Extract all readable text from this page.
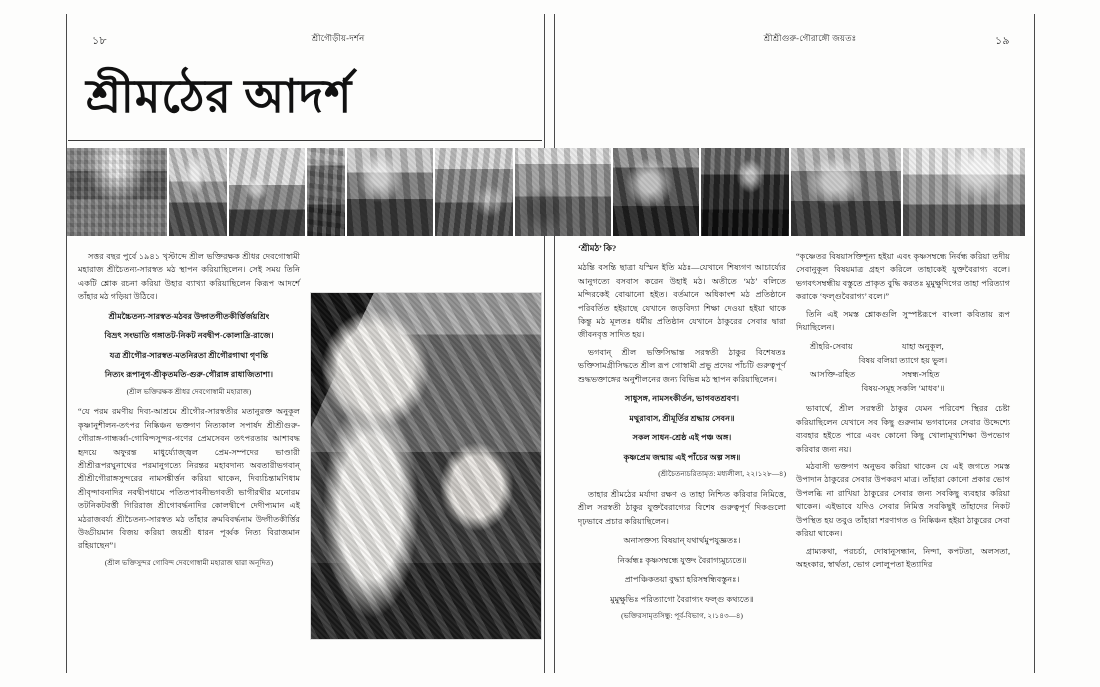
১৮	শ্রীগৌড়ীয়-দর্শন
শ্রীমঠের আদর্শ

সত্তর বছর পুর্বে ১৯৪১ খৃস্টাব্দে শ্রীল ভক্তিরক্ষক শ্রীধর দেবগোস্বামী মহারাজ শ্রীচৈতন্য-সারস্বত মঠ স্থাপন করিয়াছিলেন। সেই সময় তিনি একটি শ্লোক রচনা করিয়া উহার ব্যাখ্যা করিয়াছিলেন কিরূপ আদর্শে তাঁহার মঠ গড়িয়া উঠিবে।

শ্রীমচ্চৈতন্য-সারস্বত-মঠবর উদ্গতগীতকীর্ত্তির্জয়শ্রিং

বিভ্রৎ সংভাতি গঙ্গাতট-নিকট নবদ্বীপ-কোলাদ্রি-রাজে।

যত্র শ্রীগৌর-সারস্বত-মতনিরতা শ্রীগৌরগাথা গৃণন্তি

নিত্যং রূপানুগ-শ্রীকৃতমতি-গুরু-গৌরাঙ্গ রাধাজিতাশা।

(শ্রীল ভক্তিরক্ষক শ্রীধর দেবগোস্বামী মহারাজ)

“যে পরম রমণীয় দিব্য-আশ্রমে শ্রীগৌর-সারস্বতীর মতানুরক্ত অনুকূল কৃষ্ণানুশীলন-তৎপর নিষ্কিঞ্চন ভক্তগণ নিত্যকাল সপার্ষদ শ্রীশ্রীগুরু-গৌরাঙ্গ-গান্ধর্ব্বা-গোবিন্দসুন্দর-গণের প্রেমসেবন তৎপরতায় আশাবদ্ধ হৃদয়ে অফুরন্ত মাধুর্য্যোজ্জ্বল প্রেম-সম্পদের ভাণ্ডারী শ্রীশ্রীরূপরঘুনাথের পরমানুগত্যে নিরন্তর মহাবদান্য অবতারীভগবান্ শ্রীশ্রীগৌরাঙ্গসুন্দরের নামসঙ্কীর্ত্তন করিয়া থাকেন, দিব্যচিন্তামণিধাম শ্রীবৃন্দাবনাদির নবদ্বীপধামে পতিতপাবনীভগবতী ভাগীরথীর মনোরম তটনিকটবর্ত্তী গিরিরাজ শ্রীগোবর্দ্ধনাদির কোলদ্বীপে দেদীপ্যমান এই মঠরাজবর্য্য শ্রীচৈতন্য-সারস্বত মঠ তাঁহার ক্রমবিবর্দ্ধনাম উদ্গীতকীর্ত্তির উড্ডীয়মান বিজয় করিয়া জয়শ্রী ধারন পূর্ব্বক নিত্য বিরাজমান রহিয়াছেন”।

(শ্রীল ভক্তিসুন্দর গোবিন্দ দেবগোস্বামী মহারাজ দ্বারা অনূদিত)

শ্রীশ্রীগুরু-গৌরাঙ্গৌ জয়তঃ	১৯

‘শ্রীমঠ’ কি?

মঠন্তি বসন্তি ছাত্রা যস্মিন ইতি মঠঃ—যেখানে শিষ্যগণ আচার্য্যের আনুগত্যে বসবাস করেন উহাই মঠ। অতীতে ‘মঠ’ বলিতে মন্দিরকেই বোঝানো হইত। বর্তমানে অধিকাংশ মঠ প্রতিষ্ঠানে পরিবর্তিত হইয়াছে যেখানে জড়বিদ্যা শিক্ষা দেওয়া হইয়া থাকে কিন্তু মঠ মূলতঃ ধর্মীয় প্রতিষ্ঠান যেখানে ঠাকুরের সেবার দ্বারা জীবনবৃত্ত সাদিত হয়।

ভগবান্ শ্রীল ভক্তিসিদ্ধান্ত সরস্বতী ঠাকুর বিশেষতঃ ভক্তিসামগ্রীসিদ্ধতে শ্রীল রূপ গোস্বামী প্রভু প্রদেয় পাঁচটি গুরুত্বপূর্ণ শুদ্ধভক্তাঙ্গের অনুশীলনের জন্য বিভিন্ন মঠ স্থাপন করিয়াছিলেন।

সাধুসঙ্গ, নামসংকীর্তন, ভাগবতশ্রবণ।

মথুরাবাস, শ্রীমূর্তির শ্রদ্ধায় সেবন॥

সকল সাধন-শ্রেষ্ঠ এই পঞ্চ অঙ্গ।

কৃষ্ণপ্রেম জন্মায় এই পাঁচের অল্প সঙ্গ॥

(শ্রীচৈতন্যচরিতামৃত: মধ্যলীলা, ২২।১২৮—৪)

তাহার শ্রীমঠের মর্যাদা রক্ষণ ও তাহা নিশ্চিত করিবার নিমিত্তে, শ্রীল সরস্বতী ঠাকুর যুক্তবৈরাগ্যের বিশেষ গুরুত্বপূর্ণ দিকগুলো দৃঢ়ভাবে প্রচার করিয়াছিলেন।

অনাসক্তস্য বিষয়ান্ যথার্থমুপযুজ্ঞতঃ।

নির্ব্বন্ধঃ কৃষ্ণসম্বন্ধে যুক্তং বৈরাগ্যমুচ্যতে॥

প্রাপঞ্চিকতয়া বুদ্ধ্যা হরিসম্বন্ধিবস্তুনঃ।

মুমুক্ষুভিঃ পরিত্যাগো বৈরাগ্যং ফল্গু কথ্যতে॥

(ভক্তিরসামৃতসিন্ধু: পূর্ব-বিভাগ, ২।১৪৩—৪)

“কৃষ্ণেতর বিষয়াসক্তিশূন্য হইয়া এবং কৃষ্ণসম্বন্ধে নির্বন্ধ করিয়া তদীয় সেবানুকূল বিষয়মাত্র গ্রহণ করিলে তাহাকেই যুক্তবৈরাগ্য বলে। ভগবৎসম্বন্ধীয় বস্তুতে প্রাকৃত বুদ্ধি করতঃ মুমুক্ষুদিগের তাহা পরিত্যাগ করাকে ‘ফল্গুবৈরাগ্য’ বলে।”

তিনি এই সমস্ত শ্লোকগুলি সুস্পষ্টরূপে বাংলা কবিতায় রূপ দিয়াছিলেন।

শ্রীহরি-সেবায়	যাহা অনুকূল,
বিষয় বলিয়া ত্যাগে হয় ভুল।
আসক্তি-রহিত	সম্বন্ধ-সহিত
বিষয়-সমূহ সকলি ‘মাধব’॥

ভাবার্থে, শ্রীল সরস্বতী ঠাকুর যেমন পরিবেশ স্থিরর চেষ্টা করিয়াছিলেন যেখানে সব কিছু গুরুনাম ভগবানের সেবার উদ্দেশ্যে ব্যবহার হইতে পারে এবং কোনো কিছু খোলামূখ্যশিক্ষা উপভোগ করিবার জন্য নয়।

মঠবাসী ভক্তগণ অনুভব করিয়া থাকেন যে এই জগতে সমস্ত উপাদান ঠাকুরের সেবার উপকরণ মাত্র। তাঁহারা কোনো প্রকার ভোগ উপলব্ধি না রাখিয়া ঠাকুরের সেবার জন্য সবকিছু ব্যবহার করিয়া থাকেন। এইভাবে যদিও সেবার নিমিত্ত সবকিছুই তাঁহাদের নিকট উপস্থিত হয় তবুও তাঁহারা শরণাগত ও নিষ্কিঞ্চন হইয়া ঠাকুরের সেবা করিয়া থাকেন।

গ্রাম্যকথা, পরচর্চা, দোষানুসন্ধান, নিন্দা, কপটতা, অলসতা, অহংকার, স্বার্থতা, ভোগ লোলুপতা ইত্যাদির
